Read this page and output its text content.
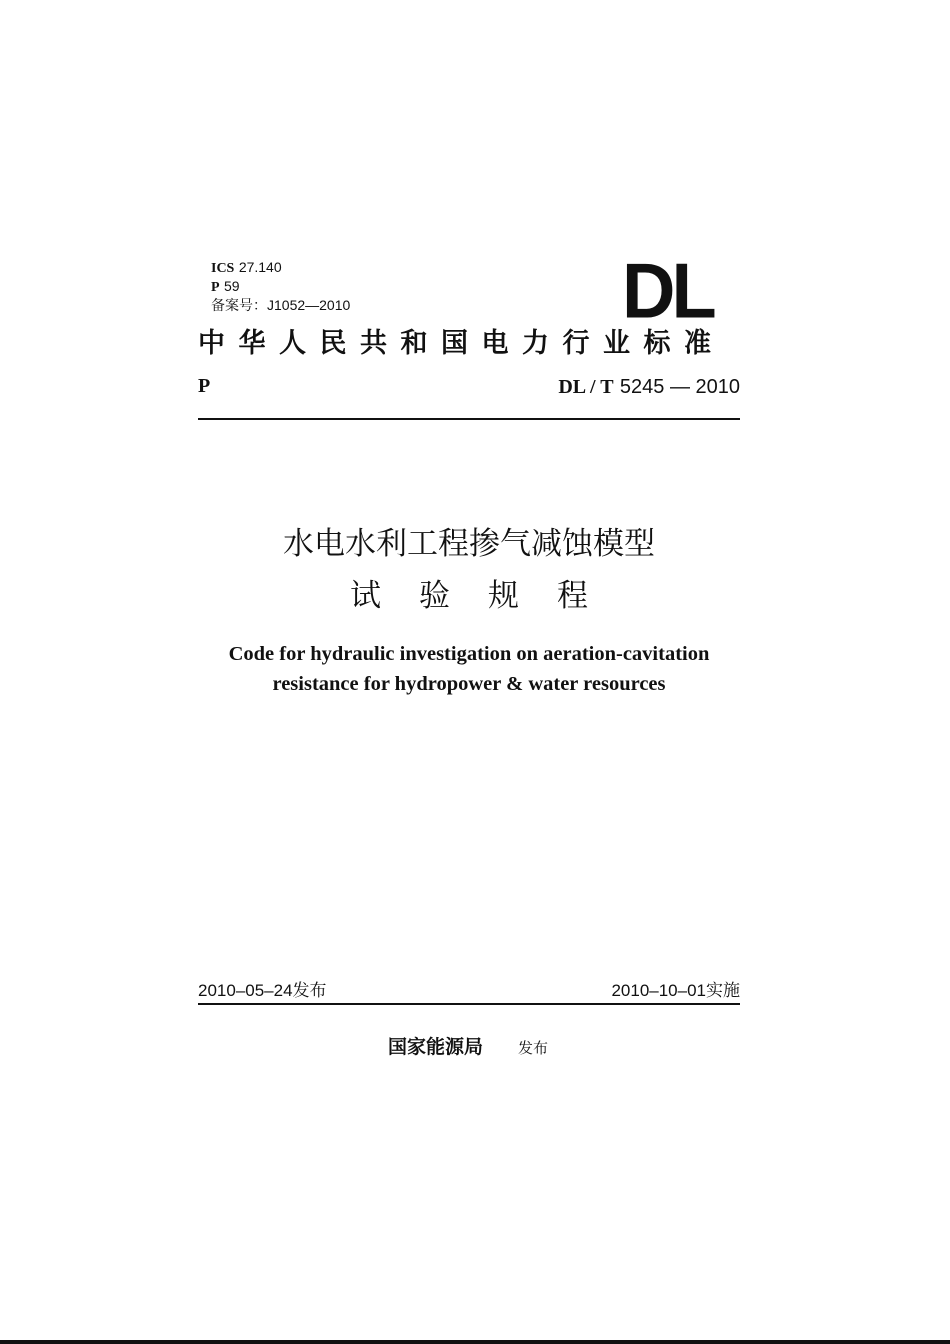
ICS 27.140
P 59
备案号：J1052—2010	DL
中华人民共和国电力行业标准
P	DL / T 5245 — 2010
水电水利工程掺气减蚀模型
试验规程
Code for hydraulic investigation on aeration-cavitation
resistance for hydropower & water resources
2010–05–24发布	2010–10–01实施
国家能源局 发布
